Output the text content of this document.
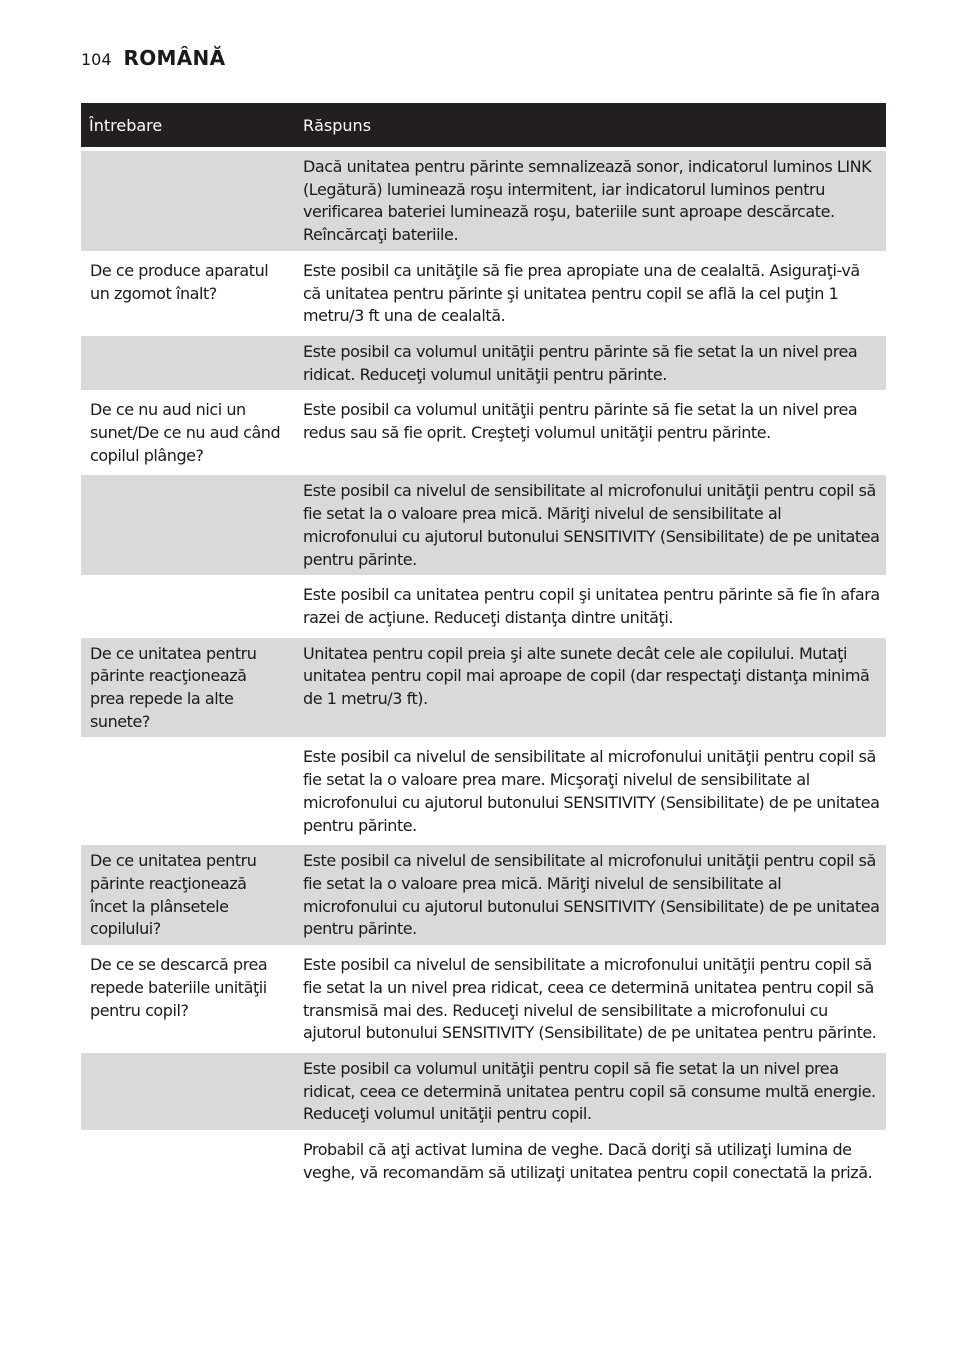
104 ROMÂNĂ
Întrebare	Răspuns
	Dacă unitatea pentru părinte semnalizează sonor, indicatorul luminos LINK (Legătură) luminează roşu intermitent, iar indicatorul luminos pentru verificarea bateriei luminează roşu, bateriile sunt aproape descărcate. Reîncărcaţi bateriile.
De ce produce aparatul un zgomot înalt?	Este posibil ca unităţile să fie prea apropiate una de cealaltă. Asiguraţi-vă că unitatea pentru părinte şi unitatea pentru copil se află la cel puţin 1 metru/3 ft una de cealaltă.
	Este posibil ca volumul unităţii pentru părinte să fie setat la un nivel prea ridicat. Reduceţi volumul unităţii pentru părinte.
De ce nu aud nici un sunet/De ce nu aud când copilul plânge?	Este posibil ca volumul unităţii pentru părinte să fie setat la un nivel prea redus sau să fie oprit. Creşteţi volumul unităţii pentru părinte.
	Este posibil ca nivelul de sensibilitate al microfonului unităţii pentru copil să fie setat la o valoare prea mică. Măriţi nivelul de sensibilitate al microfonului cu ajutorul butonului SENSITIVITY (Sensibilitate) de pe unitatea pentru părinte.
	Este posibil ca unitatea pentru copil şi unitatea pentru părinte să fie în afara razei de acţiune. Reduceţi distanţa dintre unităţi.
De ce unitatea pentru părinte reacţionează prea repede la alte sunete?	Unitatea pentru copil preia şi alte sunete decât cele ale copilului. Mutaţi unitatea pentru copil mai aproape de copil (dar respectaţi distanţa minimă de 1 metru/3 ft).
	Este posibil ca nivelul de sensibilitate al microfonului unităţii pentru copil să fie setat la o valoare prea mare. Micşoraţi nivelul de sensibilitate al microfonului cu ajutorul butonului SENSITIVITY (Sensibilitate) de pe unitatea pentru părinte.
De ce unitatea pentru părinte reacţionează încet la plânsetele copilului?	Este posibil ca nivelul de sensibilitate al microfonului unităţii pentru copil să fie setat la o valoare prea mică. Măriţi nivelul de sensibilitate al microfonului cu ajutorul butonului SENSITIVITY (Sensibilitate) de pe unitatea pentru părinte.
De ce se descarcă prea repede bateriile unităţii pentru copil?	Este posibil ca nivelul de sensibilitate a microfonului unităţii pentru copil să fie setat la un nivel prea ridicat, ceea ce determină unitatea pentru copil să transmisă mai des. Reduceţi nivelul de sensibilitate a microfonului cu ajutorul butonului SENSITIVITY (Sensibilitate) de pe unitatea pentru părinte.
	Este posibil ca volumul unităţii pentru copil să fie setat la un nivel prea ridicat, ceea ce determină unitatea pentru copil să consume multă energie. Reduceţi volumul unităţii pentru copil.
	Probabil că aţi activat lumina de veghe. Dacă doriţi să utilizaţi lumina de veghe, vă recomandăm să utilizaţi unitatea pentru copil conectată la priză.
